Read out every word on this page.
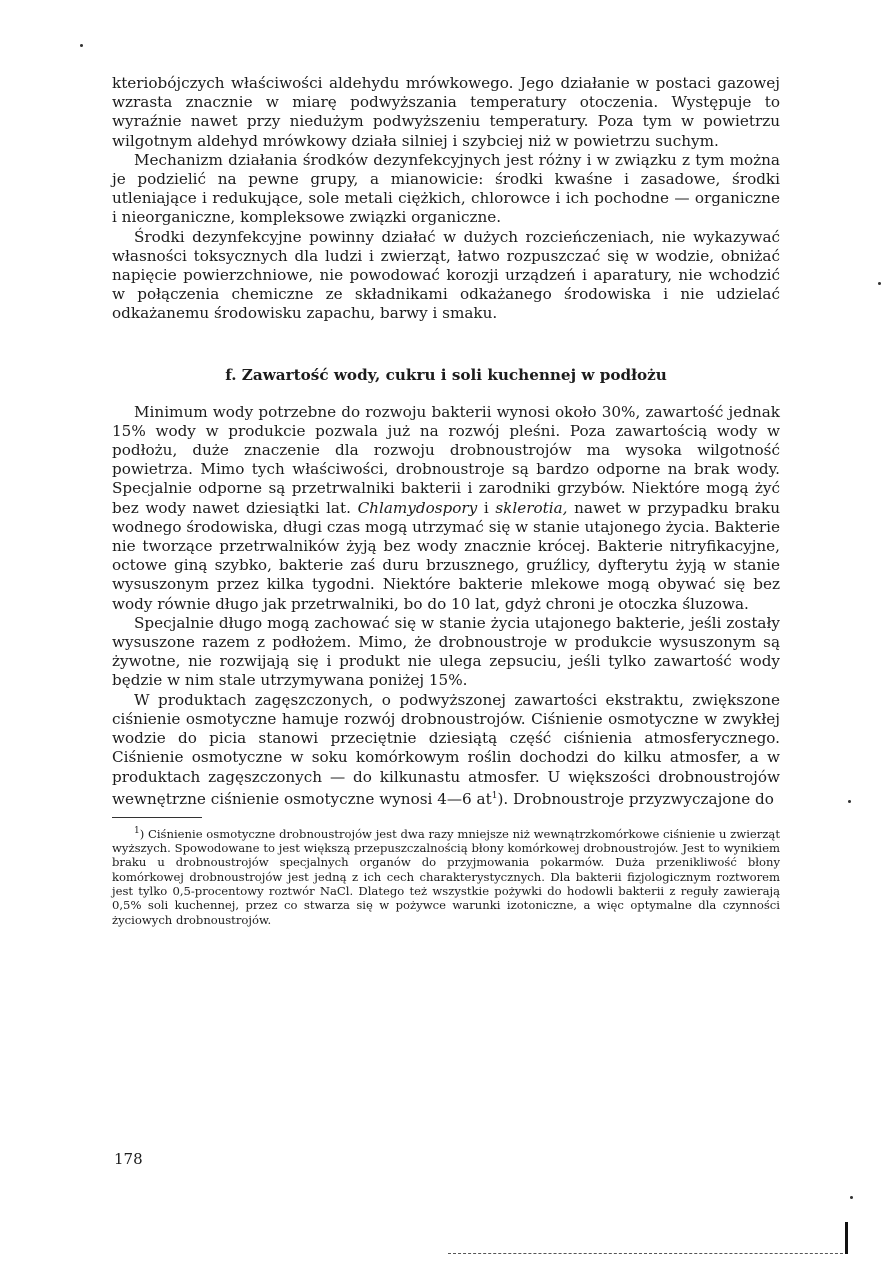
kteriobójczych właściwości aldehydu mrówkowego. Jego działanie w postaci gazowej wzrasta znacznie w miarę podwyższania temperatury otoczenia. Występuje to wyraźnie nawet przy niedużym podwyższeniu temperatury. Poza tym w powietrzu wilgotnym aldehyd mrówkowy działa silniej i szybciej niż w powietrzu suchym.

Mechanizm działania środków dezynfekcyjnych jest różny i w związku z tym można je podzielić na pewne grupy, a mianowicie: środki kwaśne i zasadowe, środki utleniające i redukujące, sole metali ciężkich, chlorowce i ich pochodne — organiczne i nieorganiczne, kompleksowe związki organiczne.

Środki dezynfekcyjne powinny działać w dużych rozcieńczeniach, nie wykazywać własności toksycznych dla ludzi i zwierząt, łatwo rozpuszczać się w wodzie, obniżać napięcie powierzchniowe, nie powodować korozji urządzeń i aparatury, nie wchodzić w połączenia chemiczne ze składnikami odkażanego środowiska i nie udzielać odkażanemu środowisku zapachu, barwy i smaku.

f. Zawartość wody, cukru i soli kuchennej w podłożu

Minimum wody potrzebne do rozwoju bakterii wynosi około 30%, zawartość jednak 15% wody w produkcie pozwala już na rozwój pleśni. Poza zawartością wody w podłożu, duże znaczenie dla rozwoju drobnoustrojów ma wysoka wilgotność powietrza. Mimo tych właściwości, drobnoustroje są bardzo odporne na brak wody. Specjalnie odporne są przetrwalniki bakterii i zarodniki grzybów. Niektóre mogą żyć bez wody nawet dziesiątki lat. Chlamydospory i sklerotia, nawet w przypadku braku wodnego środowiska, długi czas mogą utrzymać się w stanie utajonego życia. Bakterie nie tworzące przetrwalników żyją bez wody znacznie krócej. Bakterie nitryfikacyjne, octowe giną szybko, bakterie zaś duru brzusznego, gruźlicy, dyfterytu żyją w stanie wysuszonym przez kilka tygodni. Niektóre bakterie mlekowe mogą obywać się bez wody równie długo jak przetrwalniki, bo do 10 lat, gdyż chroni je otoczka śluzowa.

Specjalnie długo mogą zachować się w stanie życia utajonego bakterie, jeśli zostały wysuszone razem z podłożem. Mimo, że drobnoustroje w produkcie wysuszonym są żywotne, nie rozwijają się i produkt nie ulega zepsuciu, jeśli tylko zawartość wody będzie w nim stale utrzymywana poniżej 15%.

W produktach zagęszczonych, o podwyższonej zawartości ekstraktu, zwiększone ciśnienie osmotyczne hamuje rozwój drobnoustrojów. Ciśnienie osmotyczne w zwykłej wodzie do picia stanowi przeciętnie dziesiątą część ciśnienia atmosferycznego. Ciśnienie osmotyczne w soku komórkowym roślin dochodzi do kilku atmosfer, a w produktach zagęszczonych — do kilkunastu atmosfer. U większości drobnoustrojów wewnętrzne ciśnienie osmotyczne wynosi 4—6 $at^1$). Drobnoustroje przyzwyczajone do

$^1$) Ciśnienie osmotyczne drobnoustrojów jest dwa razy mniejsze niż wewnątrzkomórkowe ciśnienie u zwierząt wyższych. Spowodowane to jest większą przepuszczalnością błony komórkowej drobnoustrojów. Jest to wynikiem braku u drobnoustrojów specjalnych organów do przyjmowania pokarmów. Duża przenikliwość błony komórkowej drobnoustrojów jest jedną z ich cech charakterystycznych. Dla bakterii fizjologicznym roztworem jest tylko 0,5-procentowy roztwór NaCl. Dlatego też wszystkie pożywki do hodowli bakterii z reguły zawierają 0,5% soli kuchennej, przez co stwarza się w pożywce warunki izotoniczne, a więc optymalne dla czynności życiowych drobnoustrojów.

178
